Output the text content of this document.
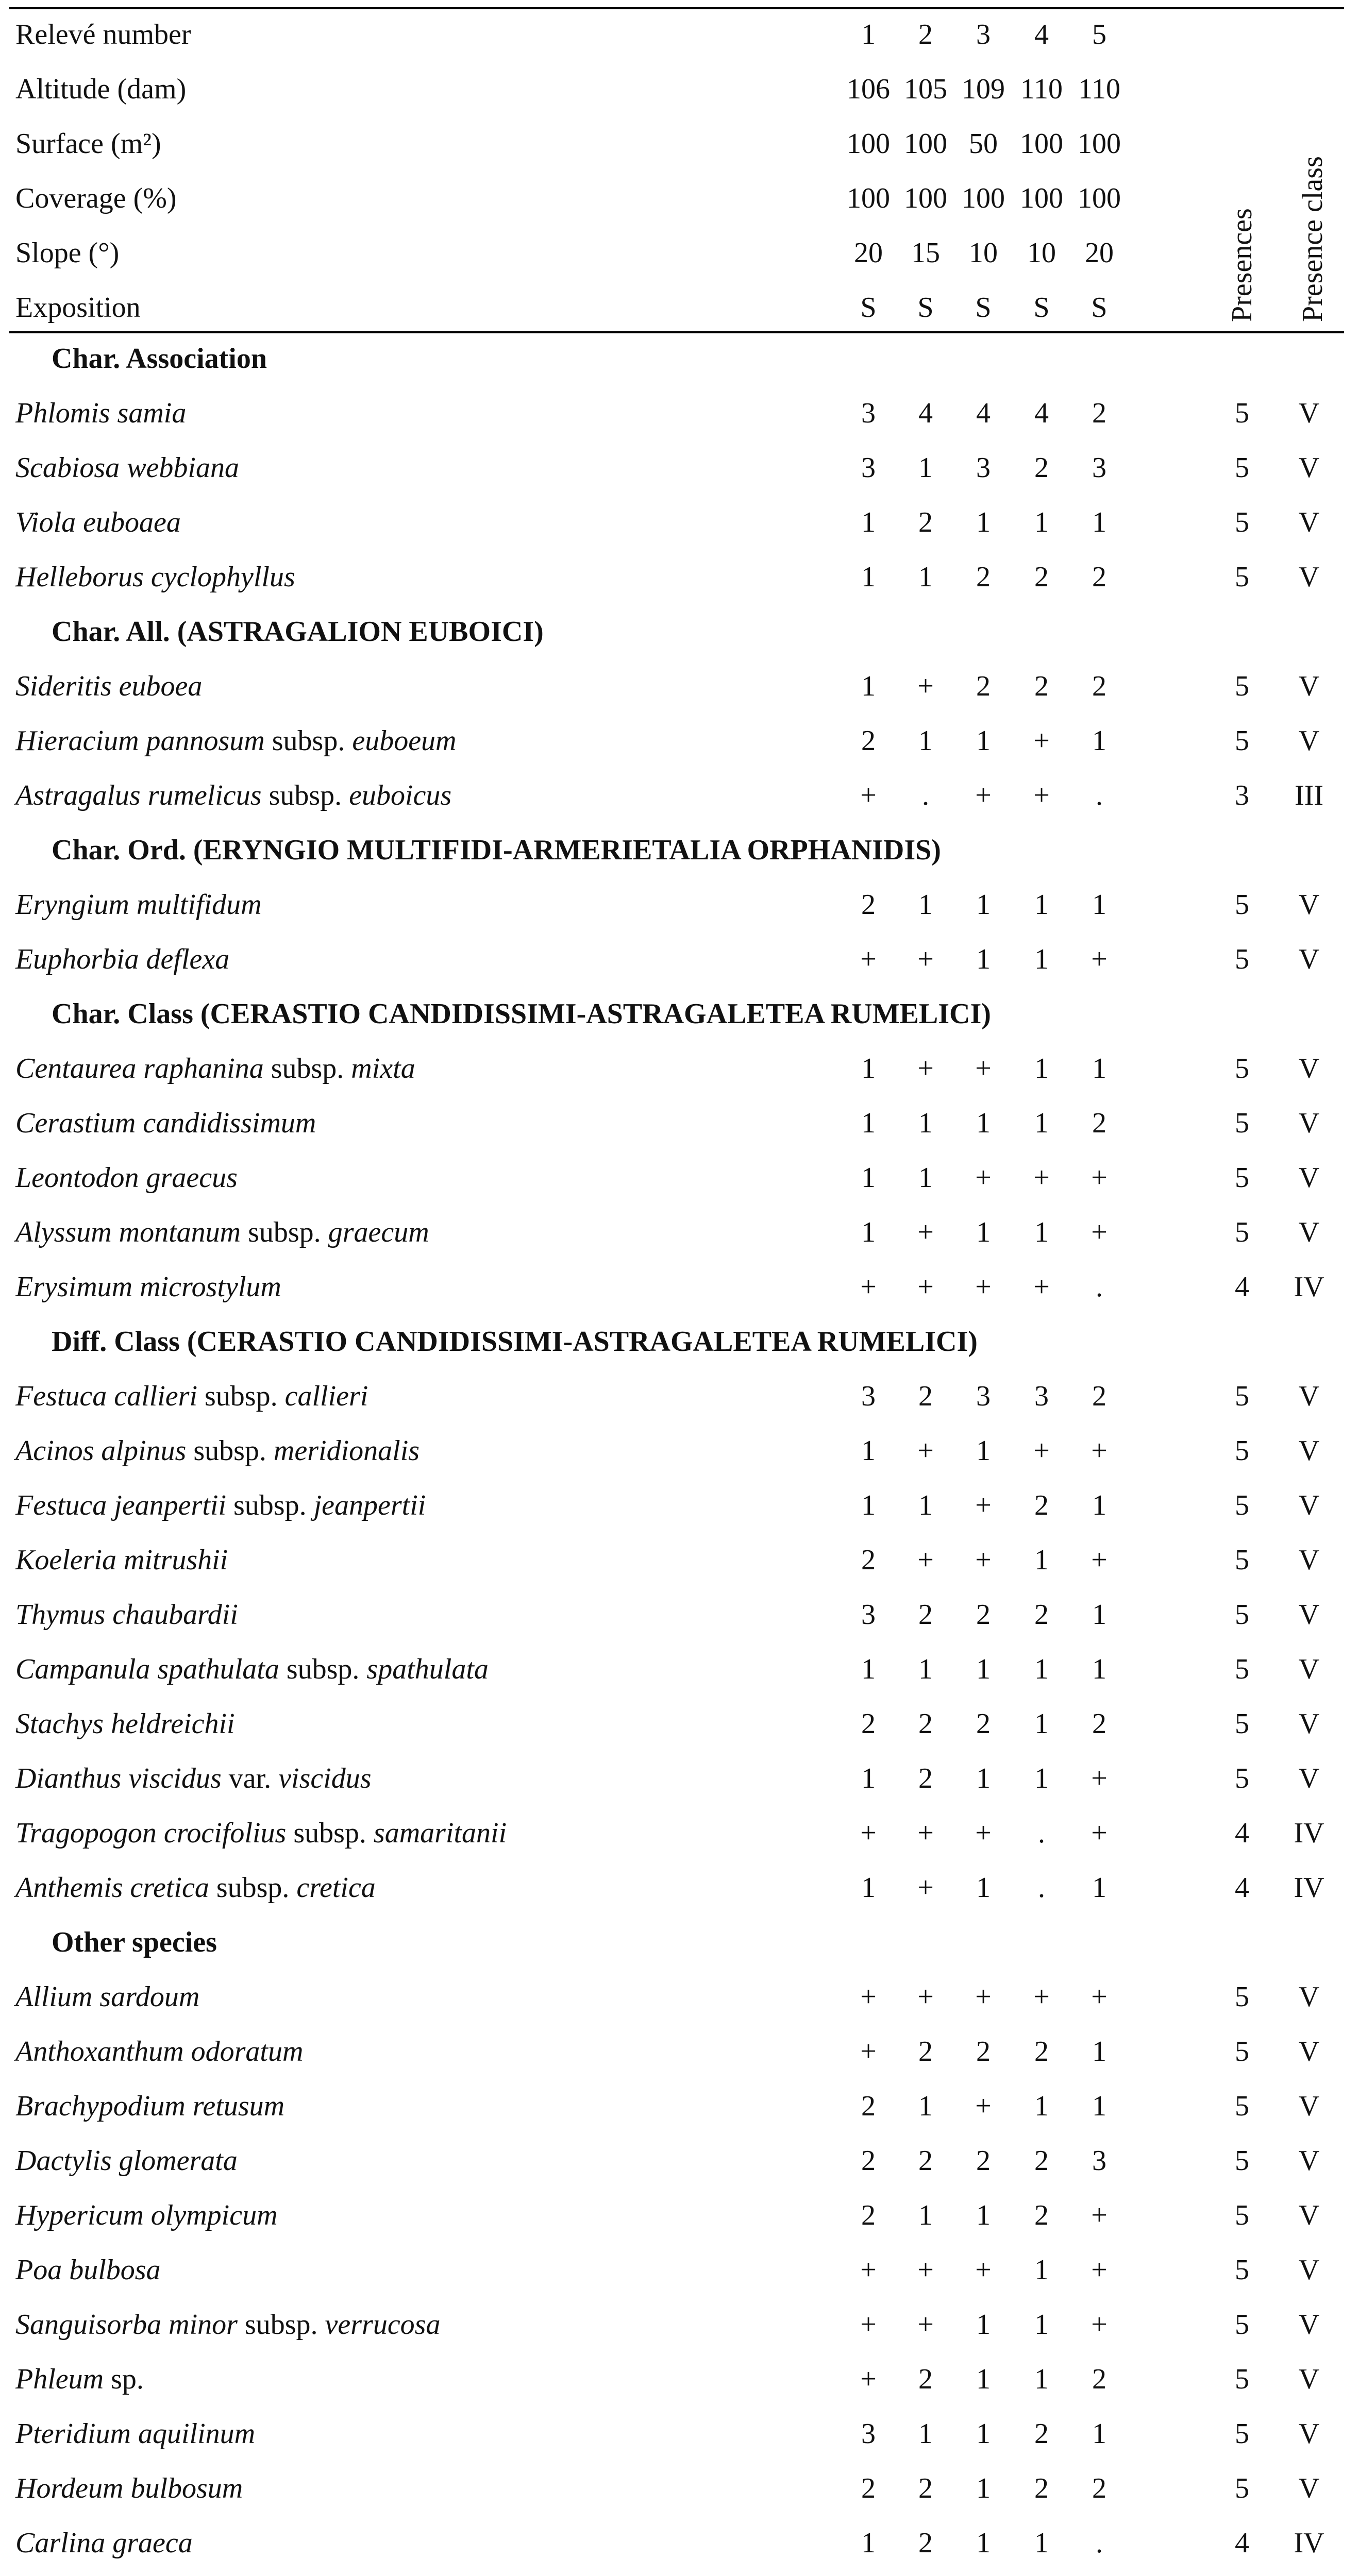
Relevé number	1	2	3	4	5
Altitude (dam)	106 105 109 110 110
Surface (m²)	100 100 50 100 100
Coverage (%)	100 100 100 100 100
Slope (°)	20 15	10	10	20
Exposition	S	S	S	S	S	Presences Presence class
Char. Association
Phlomis samia	3	4	4	4	2	5	V
Scabiosa webbiana	3	1	3	2	3	5	V
Viola euboaea	1	2	1	1	1	5	V
Helleborus cyclophyllus	1	1	2	2	2	5	V
Char. All. (ASTRAGALION EUBOICI)
Sideritis euboea	1	+	2	2	2	5	V
Hieracium pannosum subsp. euboeum	2	1	1	+	1	5	V
Astragalus rumelicus subsp. euboicus	+	.	+	+	.	3	III
Char. Ord. (ERYNGIO MULTIFIDI-ARMERIETALIA ORPHANIDIS)
Eryngium multifidum	2	1	1	1	1	5	V
Euphorbia deflexa	+	+	1	1	+	5	V
Char. Class (CERASTIO CANDIDISSIMI-ASTRAGALETEA RUMELICI)
Centaurea raphanina subsp. mixta	1	+	+	1	1	5	V
Cerastium candidissimum	1	1	1	1	2	5	V
Leontodon graecus	1	1	+	+	+	5	V
Alyssum montanum subsp. graecum	1	+	1	1	+	5	V
Erysimum microstylum	+	+	+	+	.	4	IV
Diff. Class (CERASTIO CANDIDISSIMI-ASTRAGALETEA RUMELICI)
Festuca callieri subsp. callieri	3	2	3	3	2	5	V
Acinos alpinus subsp. meridionalis	1	+	1	+	+	5	V
Festuca jeanpertii subsp. jeanpertii	1	1	+	2	1	5	V
Koeleria mitrushii	2	+	+	1	+	5	V
Thymus chaubardii	3	2	2	2	1	5	V
Campanula spathulata subsp. spathulata	1	1	1	1	1	5	V
Stachys heldreichii	2	2	2	1	2	5	V
Dianthus viscidus var. viscidus	1	2	1	1	+	5	V
Tragopogon crocifolius subsp. samaritanii	+	+	+	.	+	4	IV
Anthemis cretica subsp. cretica	1	+	1	.	1	4	IV
Other species
Allium sardoum	+	+	+	+	+	5	V
Anthoxanthum odoratum	+	2	2	2	1	5	V
Brachypodium retusum	2	1	+	1	1	5	V
Dactylis glomerata	2	2	2	2	3	5	V
Hypericum olympicum	2	1	1	2	+	5	V
Poa bulbosa	+	+	+	1	+	5	V
Sanguisorba minor subsp. verrucosa	+	+	1	1	+	5	V
Phleum sp.	+	2	1	1	2	5	V
Pteridium aquilinum	3	1	1	2	1	5	V
Hordeum bulbosum	2	2	1	2	2	5	V
Carlina graeca	1	2	1	1	.	4	IV
